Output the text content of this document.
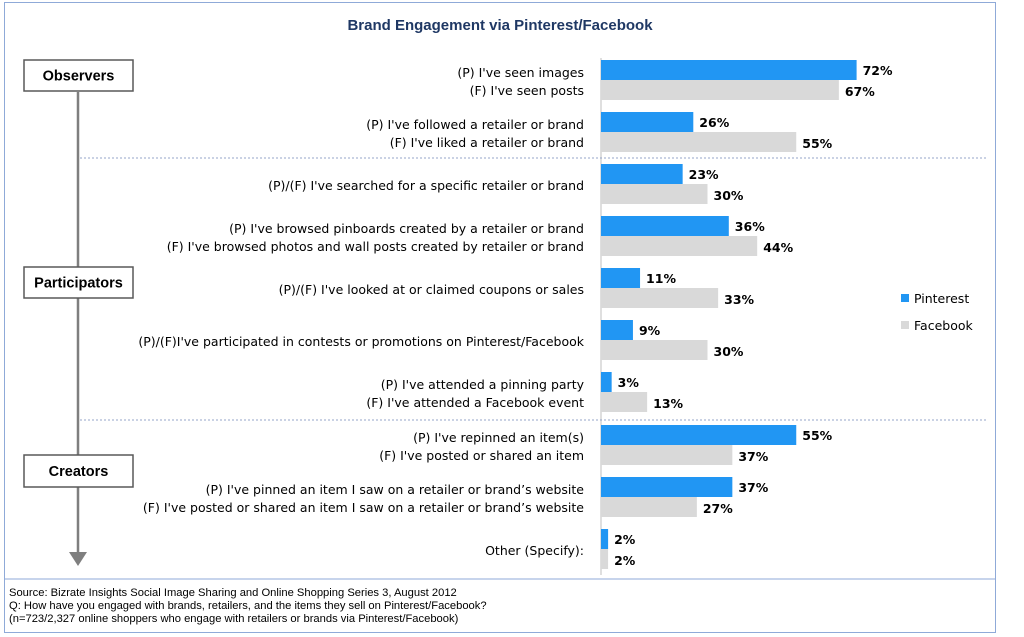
Brand Engagement via Pinterest/Facebook
72%
67%
(P) I've seen images
(F) I've seen posts
26%
55%
(P) I've followed a retailer or brand
(F) I've liked a retailer or brand
23%
30%
(P)/(F) I've searched for a specific retailer or brand
36%
44%
(P) I've browsed pinboards created by a retailer or brand
(F) I've browsed photos and wall posts created by retailer or brand
11%
33%
(P)/(F) I've looked at or claimed coupons or sales
9%
30%
(P)/(F)I've participated in contests or promotions on Pinterest/Facebook
3%
13%
(P) I've attended a pinning party
(F) I've attended a Facebook event
55%
37%
(P) I've repinned an item(s)
(F) I've posted or shared an item
37%
27%
(P) I've pinned an item I saw on a retailer or brand’s website
(F) I've posted or shared an item I saw on a retailer or brand’s website
2%
2%
Other (Specify):
Observers
Participators
Creators
Pinterest
Facebook
Source: Bizrate Insights Social Image Sharing and Online Shopping Series 3, August 2012
Q: How have you engaged with brands, retailers, and the items they sell on Pinterest/Facebook?
(n=723/2,327 online shoppers who engage with retailers or brands via Pinterest/Facebook)
